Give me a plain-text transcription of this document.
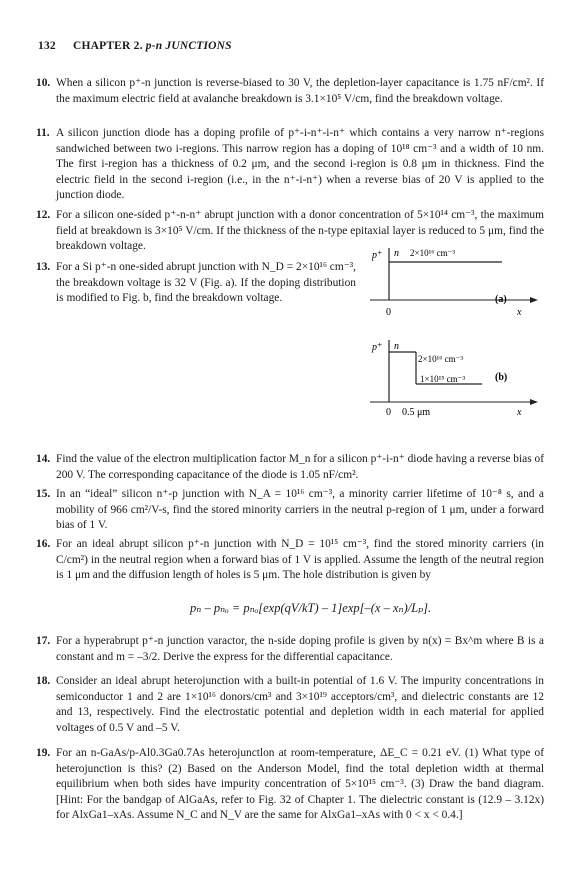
132 CHAPTER 2. p-n JUNCTIONS
10. When a silicon p⁺-n junction is reverse-biased to 30 V, the depletion-layer capacitance is 1.75 nF/cm². If the maximum electric field at avalanche breakdown is 3.1×10⁵ V/cm, find the breakdown voltage.
11. A silicon junction diode has a doping profile of p⁺-i-n⁺-i-n⁺ which contains a very narrow n⁺-regions sandwiched between two i-regions. This narrow region has a doping of 10¹⁸ cm⁻³ and a width of 10 nm. The first i-region has a thickness of 0.2 μm, and the second i-region is 0.8 μm in thickness. Find the electric field in the second i-region (i.e., in the n⁺-i-n⁺) when a reverse bias of 20 V is applied to the junction diode.
12. For a silicon one-sided p⁺-n-n⁺ abrupt junction with a donor concentration of 5×10¹⁴ cm⁻³, the maximum field at breakdown is 3×10⁵ V/cm. If the thickness of the n-type epitaxial layer is reduced to 5 μm, find the breakdown voltage.
13. For a Si p⁺-n one-sided abrupt junction with N_D = 2×10¹⁶ cm⁻³, the breakdown voltage is 32 V (Fig. a). If the doping distribution is modified to Fig. b, find the breakdown voltage.
p⁺ n 2×10¹⁶ cm⁻³
(a)
0	x
p⁺ n
2×10¹⁶ cm⁻³
1×10¹⁵ cm⁻³	(b)
0 0.5 μm	x
14. Find the value of the electron multiplication factor M_n for a silicon p⁺-i-n⁺ diode having a reverse bias of 200 V. The corresponding capacitance of the diode is 1.05 nF/cm².
15. In an “ideal” silicon n⁺-p junction with N_A = 10¹⁶ cm⁻³, a minority carrier lifetime of 10⁻⁸ s, and a mobility of 966 cm²/V-s, find the stored minority carriers in the neutral p-region of 1 μm, under a forward bias of 1 V.
16. For an ideal abrupt silicon p⁺-n junction with N_D = 10¹⁵ cm⁻³, find the stored minority carriers (in C/cm²) in the neutral region when a forward bias of 1 V is applied. Assume the length of the neutral region is 1 μm and the diffusion length of holes is 5 μm. The hole distribution is given by
pₙ – pₙₒ = pₙₒ[exp(qV/kT) – 1]exp[–(x – xₙ)/Lₚ].
17. For a hyperabrupt p⁺-n junction varactor, the n-side doping profile is given by n(x) = Bx^m where B is a constant and m = –3/2. Derive the express for the differential capacitance.
18. Consider an ideal abrupt heterojunction with a built-in potential of 1.6 V. The impurity concentrations in semiconductor 1 and 2 are 1×10¹⁶ donors/cm³ and 3×10¹⁹ acceptors/cm³, and dielectric constants are 12 and 13, respectively. Find the electrostatic potential and depletion width in each material for applied voltages of 0.5 V and –5 V.
19. For an n-GaAs/p-Al0.3Ga0.7As heterojunctlon at room-temperature, ΔE_C = 0.21 eV. (1) What type of heterojunction is this? (2) Based on the Anderson Model, find the total depletion width at thermal equilibrium when both sides have impurity concentration of 5×10¹⁵ cm⁻³. (3) Draw the band diagram. [Hint: For the bandgap of AlGaAs, refer to Fig. 32 of Chapter 1. The dielectric constant is (12.9 – 3.12x) for AlxGa1–xAs. Assume N_C and N_V are the same for AlxGa1–xAs with 0 < x < 0.4.]
